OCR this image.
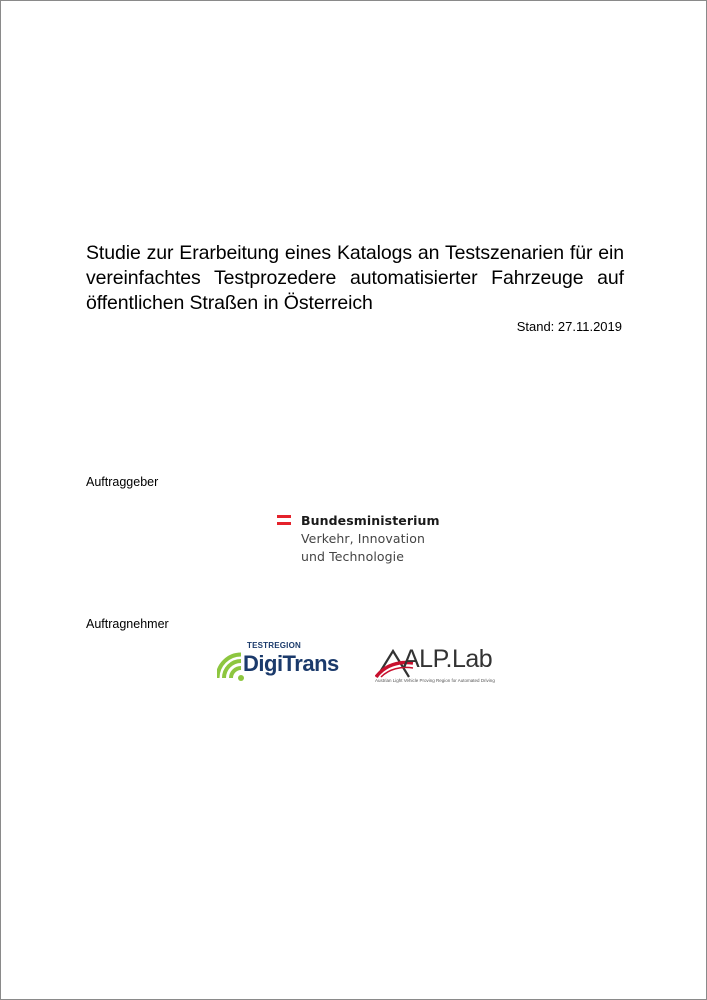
Studie zur Erarbeitung eines Katalogs an Testszenarien für ein vereinfachtes Testprozedere automatisierter Fahrzeuge auf öffentlichen Straßen in Österreich
Stand: 27.11.2019
Auftraggeber
Bundesministerium
Verkehr, Innovation
und Technologie
Auftragnehmer
TESTREGION
DigiTrans	ALP.Lab
Austrian Light Vehicle Proving Region for Automated Driving
